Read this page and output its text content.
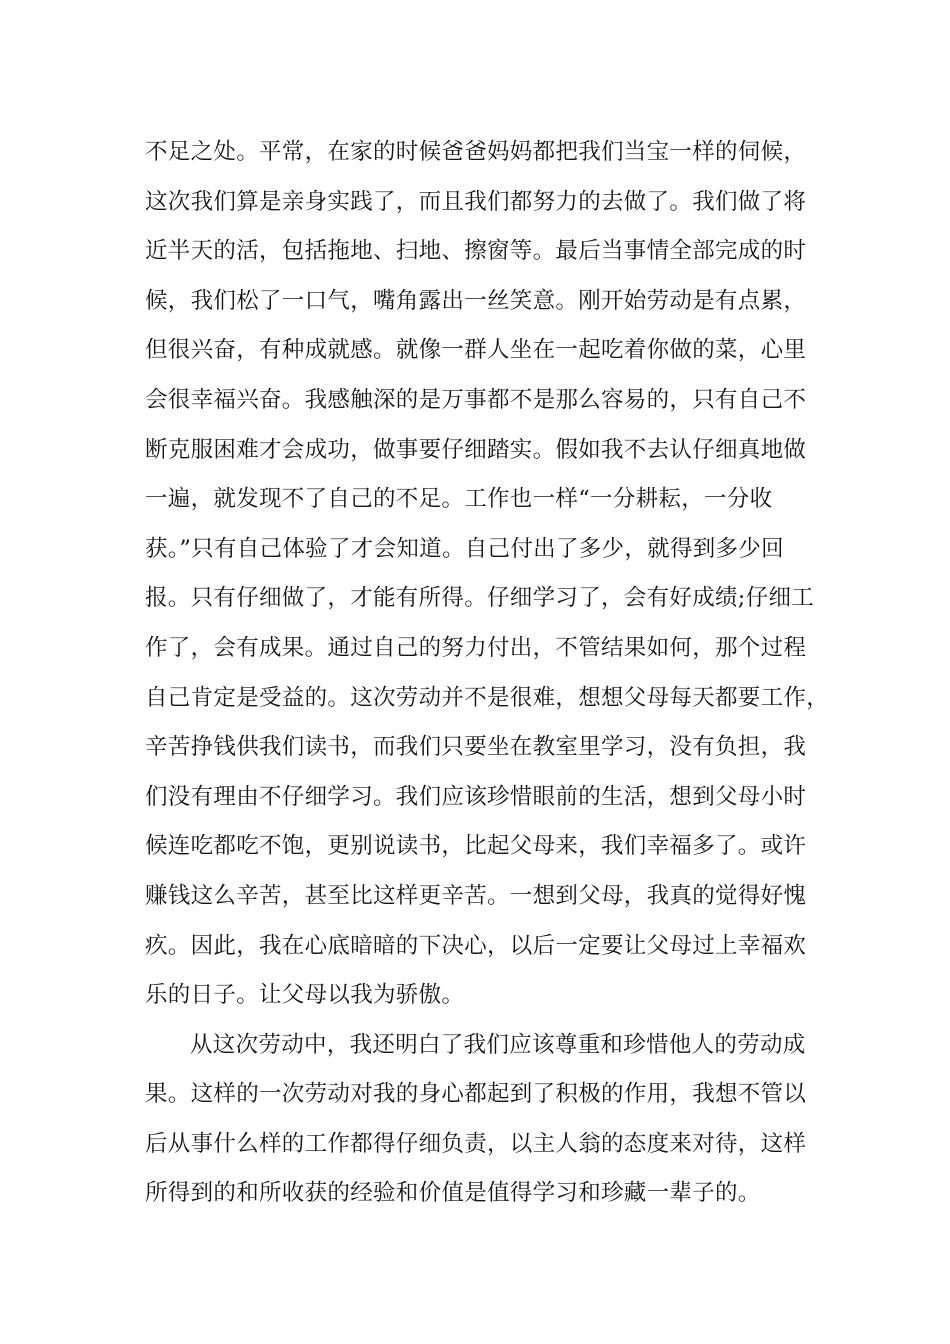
不足之处。平常，在家的时候爸爸妈妈都把我们当宝一样的伺候，
这次我们算是亲身实践了，而且我们都努力的去做了。我们做了将
近半天的活，包括拖地、扫地、擦窗等。最后当事情全部完成的时
候，我们松了一口气，嘴角露出一丝笑意。刚开始劳动是有点累，
但很兴奋，有种成就感。就像一群人坐在一起吃着你做的菜，心里
会很幸福兴奋。我感触深的是万事都不是那么容易的，只有自己不
断克服困难才会成功，做事要仔细踏实。假如我不去认仔细真地做
一遍，就发现不了自己的不足。工作也一样“一分耕耘，一分收
获。”只有自己体验了才会知道。自己付出了多少，就得到多少回
报。只有仔细做了，才能有所得。仔细学习了，会有好成绩;仔细工
作了，会有成果。通过自己的努力付出，不管结果如何，那个过程
自己肯定是受益的。这次劳动并不是很难，想想父母每天都要工作，
辛苦挣钱供我们读书，而我们只要坐在教室里学习，没有负担，我
们没有理由不仔细学习。我们应该珍惜眼前的生活，想到父母小时
候连吃都吃不饱，更别说读书，比起父母来，我们幸福多了。或许
赚钱这么辛苦，甚至比这样更辛苦。一想到父母，我真的觉得好愧
疚。因此，我在心底暗暗的下决心，以后一定要让父母过上幸福欢
乐的日子。让父母以我为骄傲。
从这次劳动中，我还明白了我们应该尊重和珍惜他人的劳动成
果。这样的一次劳动对我的身心都起到了积极的作用，我想不管以
后从事什么样的工作都得仔细负责，以主人翁的态度来对待，这样
所得到的和所收获的经验和价值是值得学习和珍藏一辈子的。
